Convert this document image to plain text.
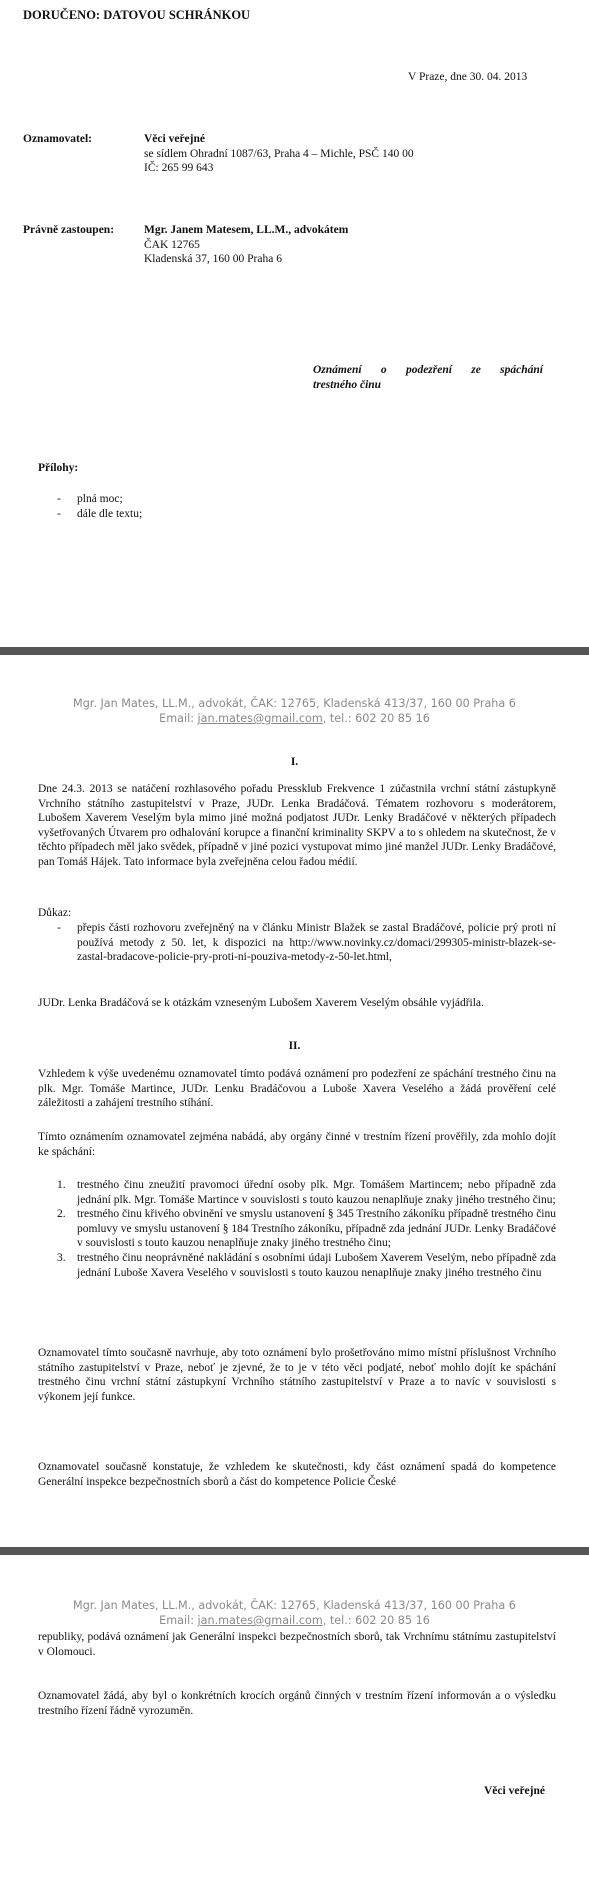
DORUČENO: DATOVOU SCHRÁNKOU
V Praze, dne 30. 04. 2013
Oznamovatel:	Věci veřejné
se sídlem Ohradní 1087/63, Praha 4 – Michle, PSČ 140 00
IČ: 265 99 643
Právně zastoupen:	Mgr. Janem Matesem, LL.M., advokátem
ČAK 12765
Kladenská 37, 160 00 Praha 6
Oznámení o podezření ze spáchání
trestného činu
Přílohy:
- plná moc;
- dále dle textu;
Mgr. Jan Mates, LL.M., advokát, ČAK: 12765, Kladenská 413/37, 160 00 Praha 6
Email: jan.mates@gmail.com, tel.: 602 20 85 16
I.

Dne 24.3. 2013 se natáčení rozhlasového pořadu Pressklub Frekvence 1 zúčastnila vrchní státní zástupkyně Vrchního státního zastupitelství v Praze, JUDr. Lenka Bradáčová. Tématem rozhovoru s moderátorem, Lubošem Xaverem Veselým byla mimo jiné možná podjatost JUDr. Lenky Bradáčové v některých případech vyšetřovaných Útvarem pro odhalování korupce a finanční kriminality SKPV a to s ohledem na skutečnost, že v těchto případech měl jako svědek, případně v jiné pozici vystupovat mimo jiné manžel JUDr. Lenky Bradáčové, pan Tomáš Hájek. Tato informace byla zveřejněna celou řadou médií.

Důkaz:
- přepis části rozhovoru zveřejněný na v článku Ministr Blažek se zastal Bradáčové, policie prý proti ní používá metody z 50. let, k dispozici na http://www.novinky.cz/domaci/299305-ministr-blazek-se-zastal-bradacove-policie-pry-proti-ni-pouziva-metody-z-50-let.html,

JUDr. Lenka Bradáčová se k otázkám vzneseným Lubošem Xaverem Veselým obsáhle vyjádřila.

II.

Vzhledem k výše uvedenému oznamovatel tímto podává oznámení pro podezření ze spáchání trestného činu na plk. Mgr. Tomáše Martince, JUDr. Lenku Bradáčovou a Luboše Xavera Veselého a žádá prověření celé záležitosti a zahájení trestního stíhání.

Tímto oznámením oznamovatel zejména nabádá, aby orgány činné v trestním řízení prověřily, zda mohlo dojít ke spáchání:

1. trestného činu zneužití pravomoci úřední osoby plk. Mgr. Tomášem Martincem; nebo případně zda jednání plk. Mgr. Tomáše Martince v souvislosti s touto kauzou nenaplňuje znaky jiného trestného činu;
2. trestného činu křivého obvinění ve smyslu ustanovení § 345 Trestního zákoníku případně trestného činu pomluvy ve smyslu ustanovení § 184 Trestního zákoníku, případně zda jednání JUDr. Lenky Bradáčové v souvislosti s touto kauzou nenaplňuje znaky jiného trestného činu;
3. trestného činu neoprávněné nakládání s osobními údaji Lubošem Xaverem Veselým, nebo případně zda jednání Luboše Xavera Veselého v souvislosti s touto kauzou nenaplňuje znaky jiného trestného činu

Oznamovatel tímto současně navrhuje, aby toto oznámení bylo prošetřováno mimo místní příslušnost Vrchního státního zastupitelství v Praze, neboť je zjevné, že to je v této věci podjaté, neboť mohlo dojít ke spáchání trestného činu vrchní státní zástupkyní Vrchního státního zastupitelství v Praze a to navíc v souvislosti s výkonem její funkce.

Oznamovatel současně konstatuje, že vzhledem ke skutečnosti, kdy část oznámení spadá do kompetence Generální inspekce bezpečnostních sborů a část do kompetence Policie České

Mgr. Jan Mates, LL.M., advokát, ČAK: 12765, Kladenská 413/37, 160 00 Praha 6
Email: jan.mates@gmail.com, tel.: 602 20 85 16

republiky, podává oznámení jak Generální inspekci bezpečnostních sborů, tak Vrchnímu státnímu zastupitelství v Olomouci.

Oznamovatel žádá, aby byl o konkrétních krocích orgánů činných v trestním řízení informován a o výsledku trestního řízení řádně vyrozuměn.

Věci veřejné
